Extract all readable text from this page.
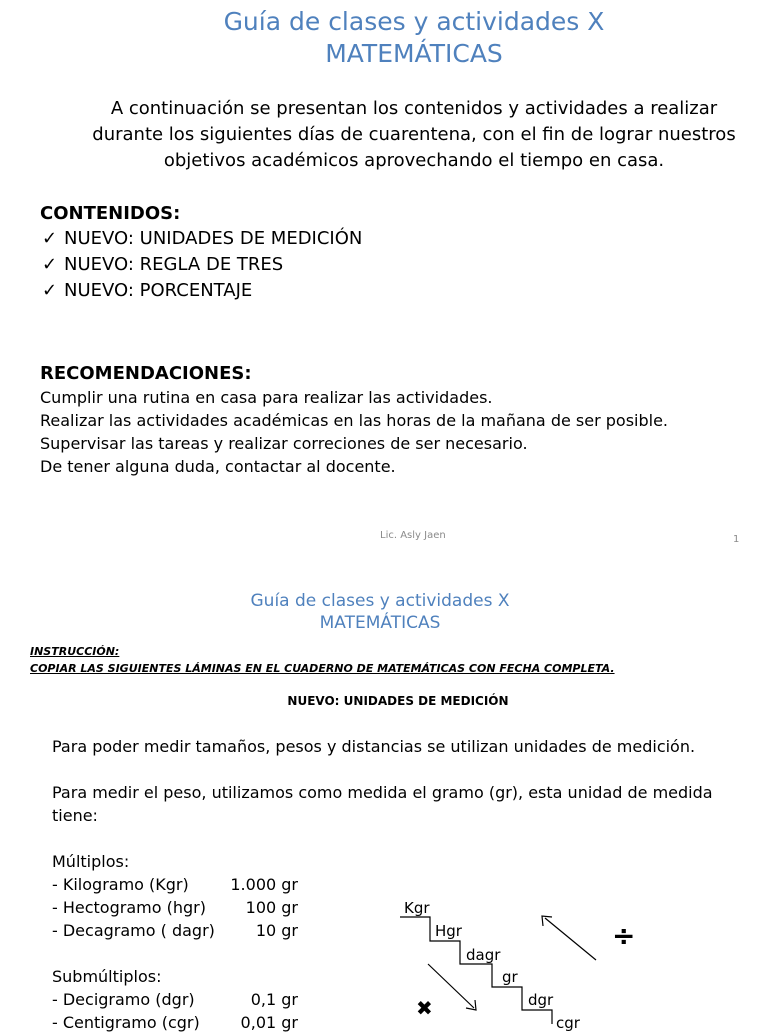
Guía de clases y actividades X
MATEMÁTICAS
A continuación se presentan los contenidos y actividades a realizar durante los siguientes días de cuarentena, con el fin de lograr nuestros objetivos académicos aprovechando el tiempo en casa.
CONTENIDOS:
✓ NUEVO: UNIDADES DE MEDICIÓN
✓ NUEVO: REGLA DE TRES
✓ NUEVO: PORCENTAJE
RECOMENDACIONES:
Cumplir una rutina en casa para realizar las actividades.
Realizar las actividades académicas en las horas de la mañana de ser posible.
Supervisar las tareas y realizar correciones de ser necesario.
De tener alguna duda, contactar al docente.
Lic. Asly Jaen	1
Guía de clases y actividades X
MATEMÁTICAS
INSTRUCCIÓN:
COPIAR LAS SIGUIENTES LÁMINAS EN EL CUADERNO DE MATEMÁTICAS CON FECHA COMPLETA.
NUEVO: UNIDADES DE MEDICIÓN
Para poder medir tamaños, pesos y distancias se utilizan unidades de medición.
Para medir el peso, utilizamos como medida el gramo (gr), esta unidad de medida tiene:
Múltiplos:
- Kilogramo (Kgr)	1.000 gr
- Hectogramo (hgr)	100 gr
- Decagramo ( dagr)	10 gr
Submúltiplos:
- Decigramo (dgr)	0,1 gr
- Centigramo (cgr)	0,01 gr
Kgr
Hgr
dagr
gr
dgr
cgr
÷
✖
